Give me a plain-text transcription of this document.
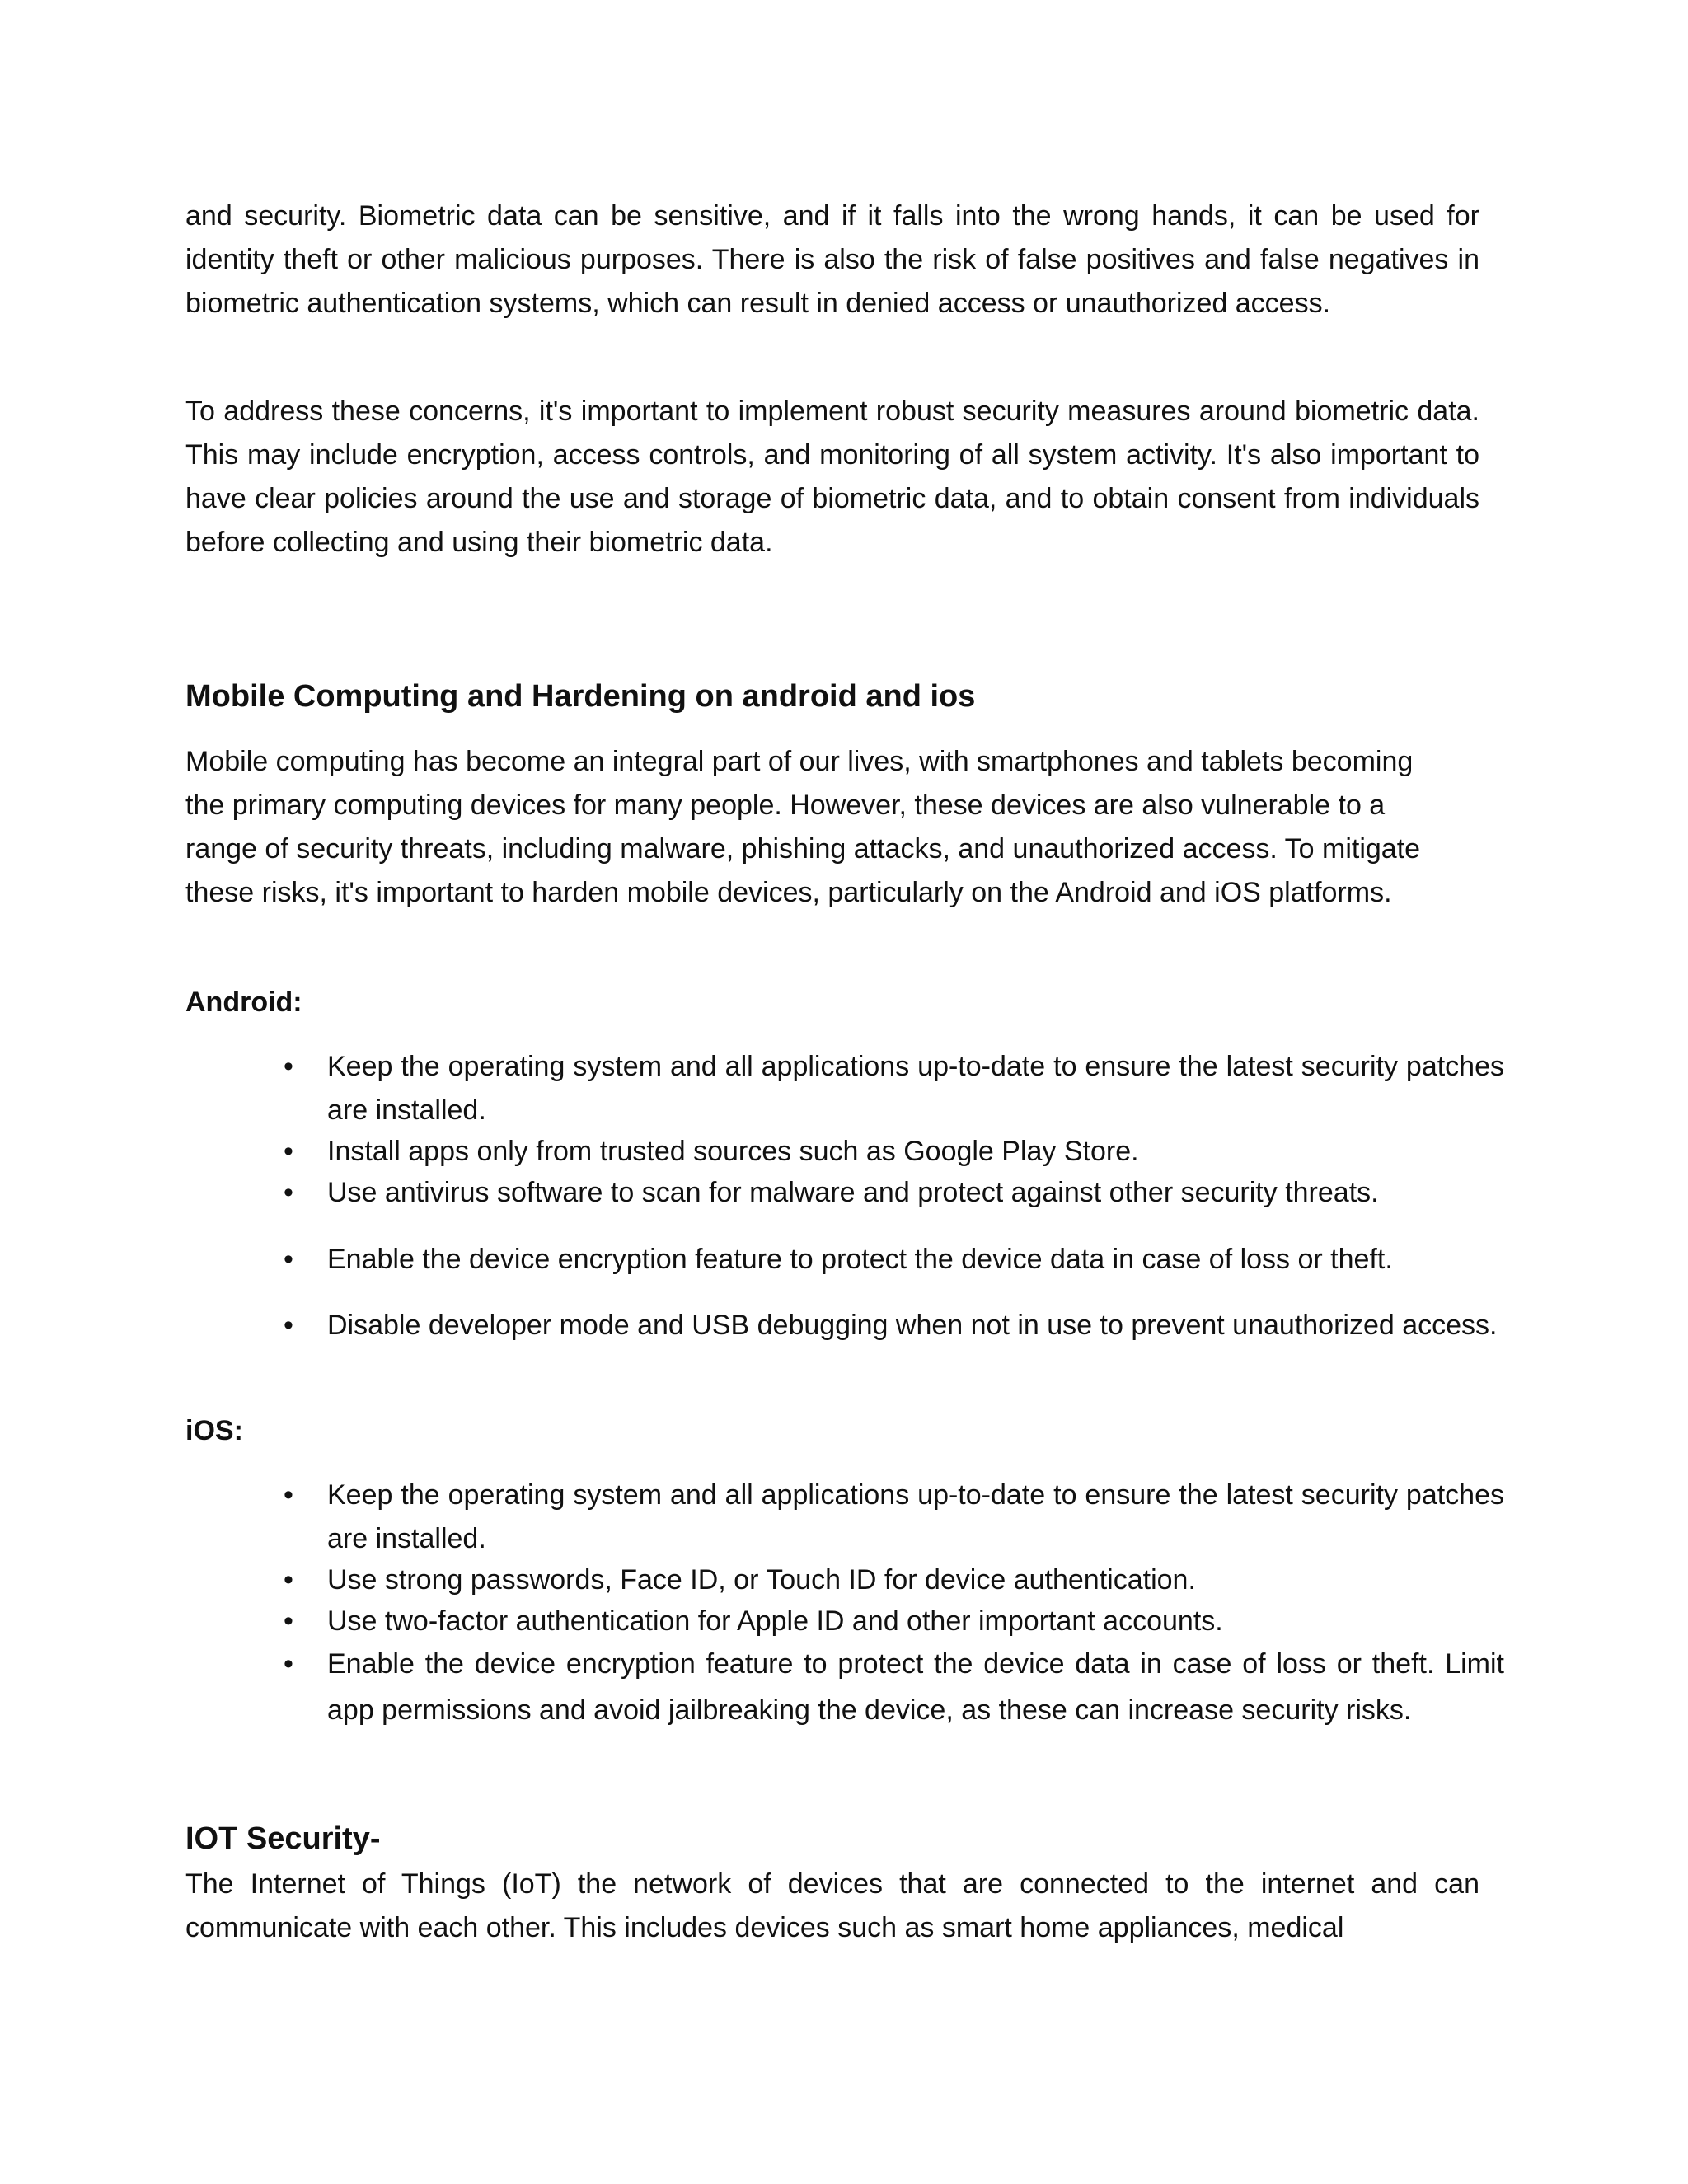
and security. Biometric data can be sensitive, and if it falls into the wrong hands, it can be used for identity theft or other malicious purposes. There is also the risk of false positives and false negatives in biometric authentication systems, which can result in denied access or unauthorized access.

To address these concerns, it's important to implement robust security measures around biometric data. This may include encryption, access controls, and monitoring of all system activity. It's also important to have clear policies around the use and storage of biometric data, and to obtain consent from individuals before collecting and using their biometric data.

Mobile Computing and Hardening on android and ios

Mobile computing has become an integral part of our lives, with smartphones and tablets becoming the primary computing devices for many people. However, these devices are also vulnerable to a range of security threats, including malware, phishing attacks, and unauthorized access. To mitigate these risks, it's important to harden mobile devices, particularly on the Android and iOS platforms.

Android:
• Keep the operating system and all applications up-to-date to ensure the latest security patches are installed.
• Install apps only from trusted sources such as Google Play Store.
• Use antivirus software to scan for malware and protect against other security threats.
• Enable the device encryption feature to protect the device data in case of loss or theft.
• Disable developer mode and USB debugging when not in use to prevent unauthorized access.
iOS:
• Keep the operating system and all applications up-to-date to ensure the latest security patches are installed.
• Use strong passwords, Face ID, or Touch ID for device authentication.
• Use two-factor authentication for Apple ID and other important accounts.
• Enable the device encryption feature to protect the device data in case of loss or theft. Limit app permissions and avoid jailbreaking the device, as these can increase security risks.
IOT Security-

The Internet of Things (IoT) the network of devices that are connected to the internet and can communicate with each other. This includes devices such as smart home appliances, medical
